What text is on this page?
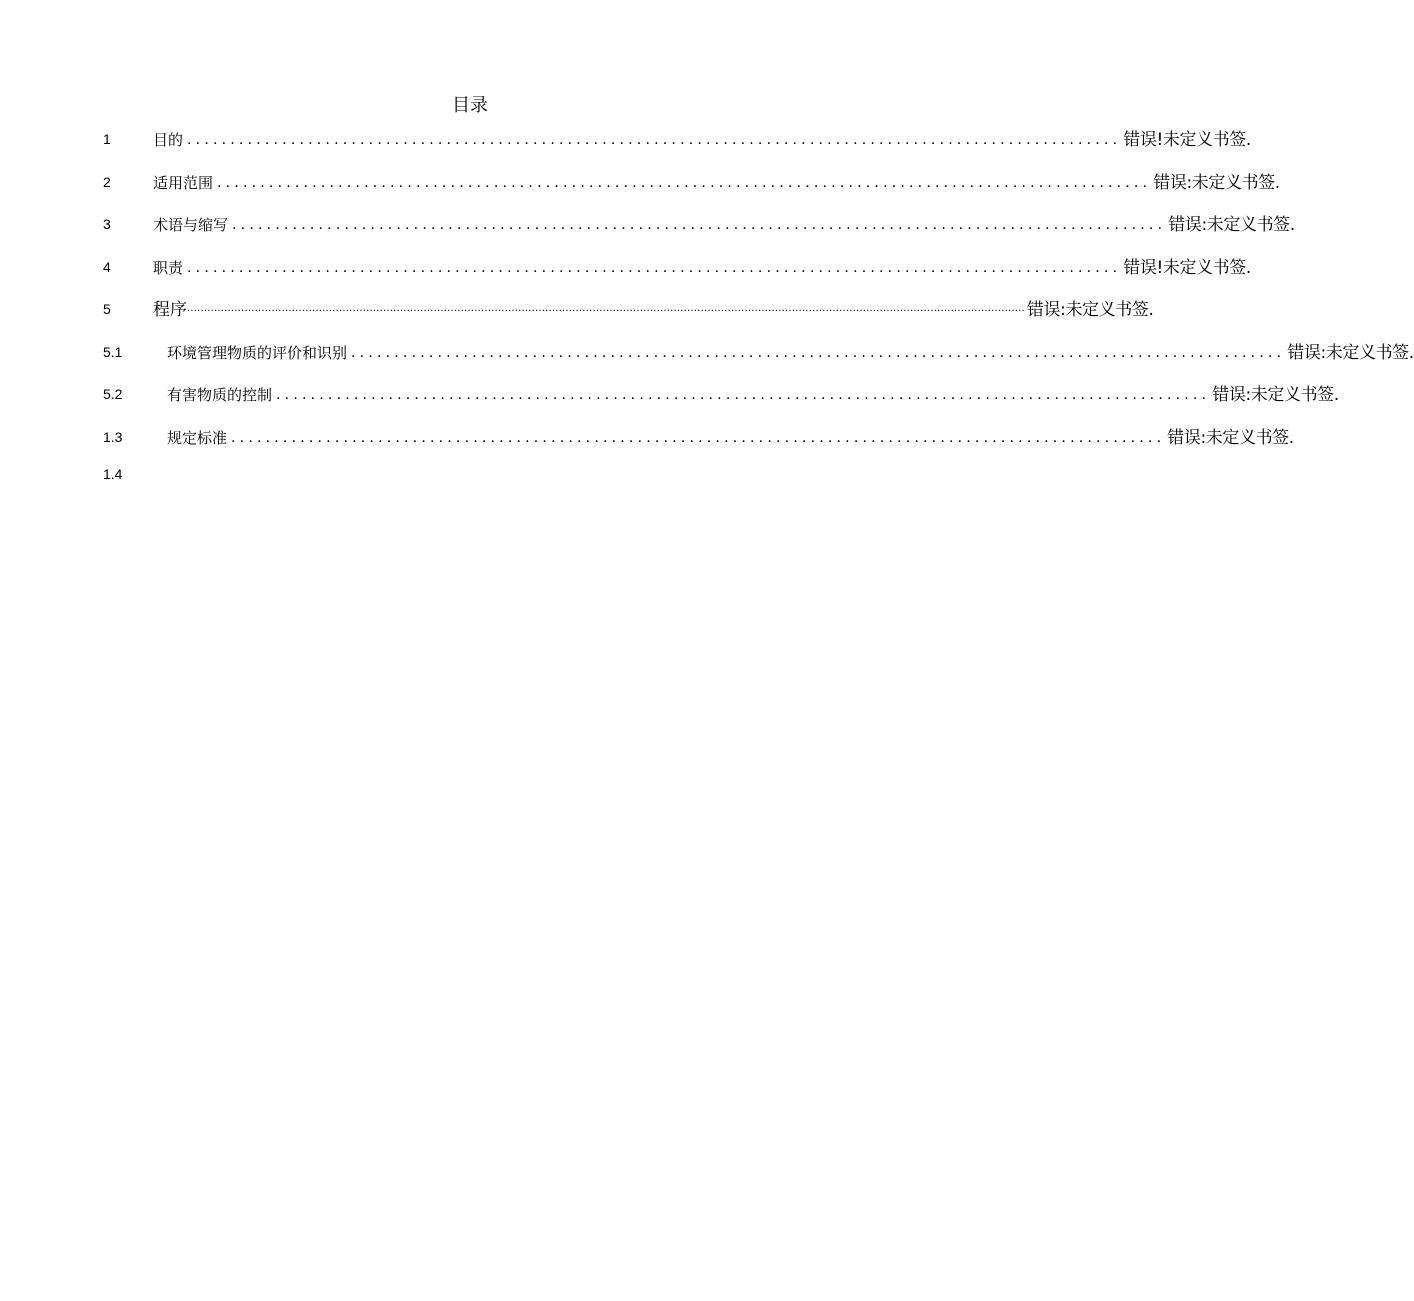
目录
1	目的 ............................................................................................................ 错误!未定义书签.
2	适用范围 ............................................................................................................ 错误:未定义书签.
3	术语与缩写 ............................................................................................................ 错误:未定义书签.
4	职责 ............................................................................................................ 错误!未定义书签.
5 程序 ........................................................................................................................................................................................................................................................ 错误:未定义书签.
5.1	环境管理物质的评价和识别 ............................................................................................................ 错误:未定义书签.
5.2	有害物质的控制 ............................................................................................................ 错误:未定义书签.
1.3	规定标准 ............................................................................................................ 错误:未定义书签.
1.4
